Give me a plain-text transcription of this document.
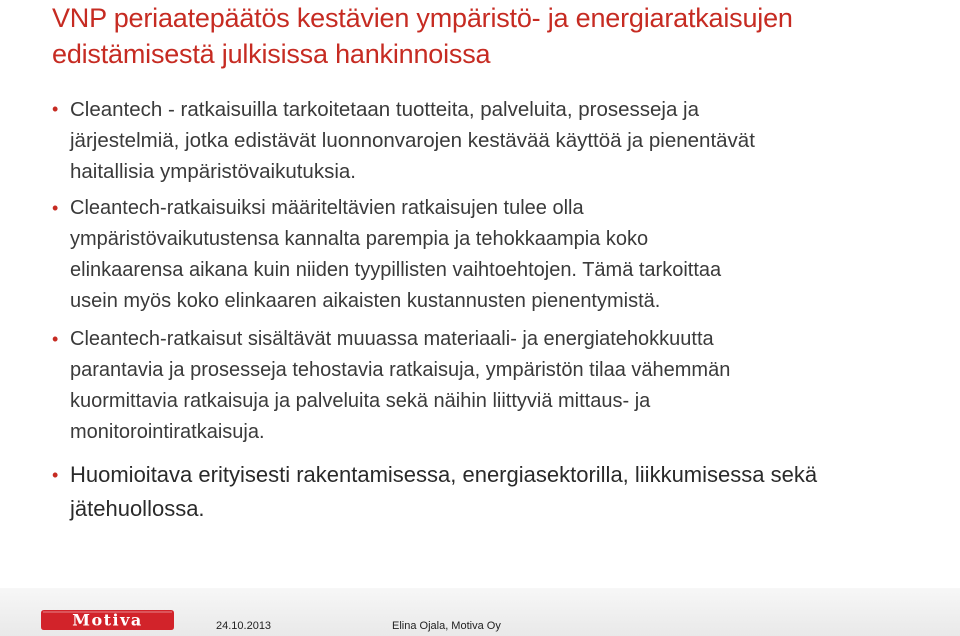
VNP periaatepäätös kestävien ympäristö- ja energiaratkaisujen
edistämisestä julkisissa hankinnoissa
• Cleantech - ratkaisuilla tarkoitetaan tuotteita, palveluita, prosesseja ja
järjestelmiä, jotka edistävät luonnonvarojen kestävää käyttöä ja pienentävät
haitallisia ympäristövaikutuksia.
• Cleantech-ratkaisuiksi määriteltävien ratkaisujen tulee olla
ympäristövaikutustensa kannalta parempia ja tehokkaampia koko
elinkaarensa aikana kuin niiden tyypillisten vaihtoehtojen. Tämä tarkoittaa
usein myös koko elinkaaren aikaisten kustannusten pienentymistä.
• Cleantech-ratkaisut sisältävät muuassa materiaali- ja energiatehokkuutta
parantavia ja prosesseja tehostavia ratkaisuja, ympäristön tilaa vähemmän
kuormittavia ratkaisuja ja palveluita sekä näihin liittyviä mittaus- ja
monitorointiratkaisuja.
• Huomioitava erityisesti rakentamisessa, energiasektorilla, liikkumisessa sekä
jätehuollossa.
Motiva	24.10.2013	Elina Ojala, Motiva Oy
